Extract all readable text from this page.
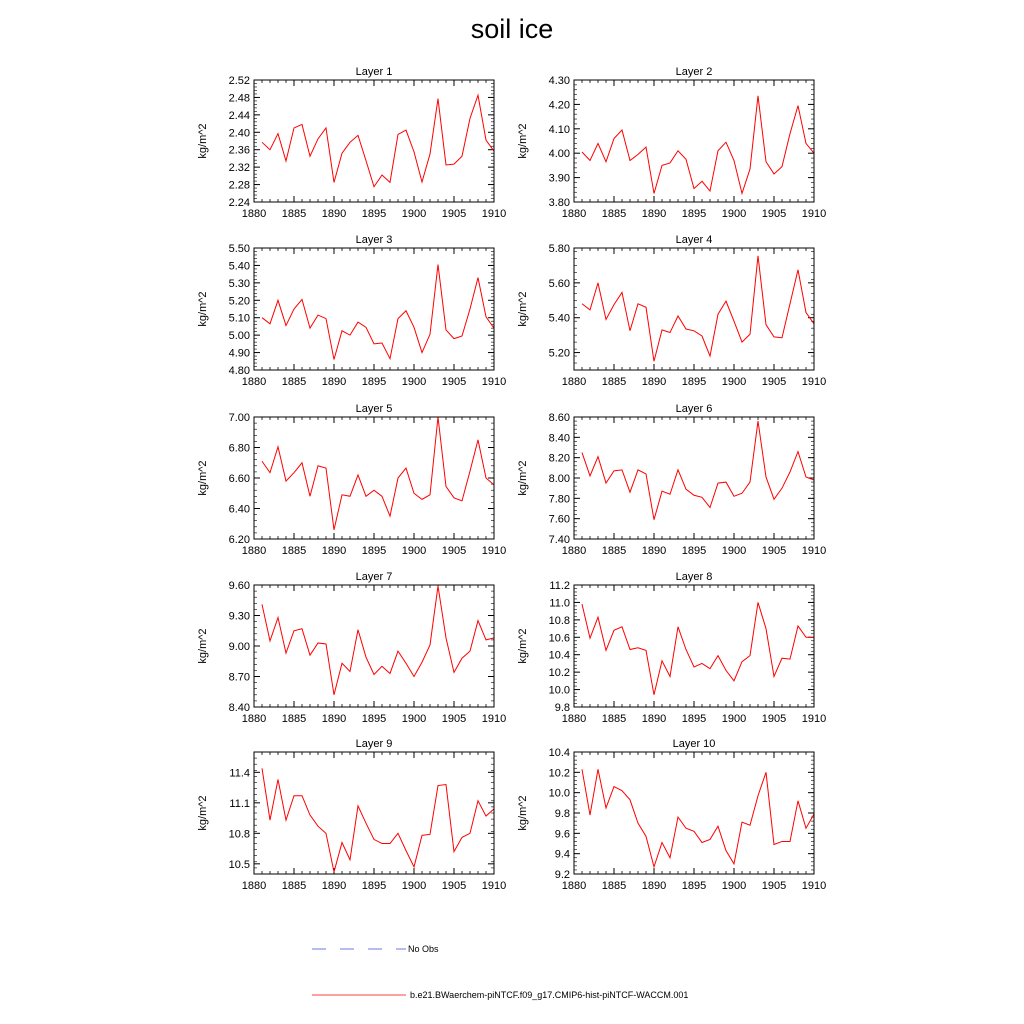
soil ice
Layer 1
kg/m^2
1880 1885 1890 1895 1900 1905 1910
2.24
2.28
2.32
2.36
2.40
2.44
2.48
2.52
Layer 2
kg/m^2
1880 1885 1890 1895 1900 1905 1910
3.80
3.90
4.00
4.10
4.20
4.30
Layer 3
kg/m^2
1880 1885 1890 1895 1900 1905 1910
4.80
4.90
5.00
5.10
5.20
5.30
5.40
5.50
Layer 4
kg/m^2
1880 1885 1890 1895 1900 1905 1910
5.20
5.40
5.60
5.80
Layer 5
kg/m^2
1880 1885 1890 1895 1900 1905 1910
6.20
6.40
6.60
6.80
7.00
Layer 6
kg/m^2
1880 1885 1890 1895 1900 1905 1910
7.40
7.60
7.80
8.00
8.20
8.40
8.60
Layer 7
kg/m^2
1880 1885 1890 1895 1900 1905 1910
8.40
8.70
9.00
9.30
9.60
Layer 8
kg/m^2
1880 1885 1890 1895 1900 1905 1910
9.8
10.0
10.2
10.4
10.6
10.8
11.0
11.2
Layer 9
kg/m^2
1880 1885 1890 1895 1900 1905 1910
10.5
10.8
11.1
11.4
Layer 10
kg/m^2
1880 1885 1890 1895 1900 1905 1910
9.2
9.4
9.6
9.8
10.0
10.2
10.4
No Obs
b.e21.BWaerchem-piNTCF.f09_g17.CMIP6-hist-piNTCF-WACCM.001
